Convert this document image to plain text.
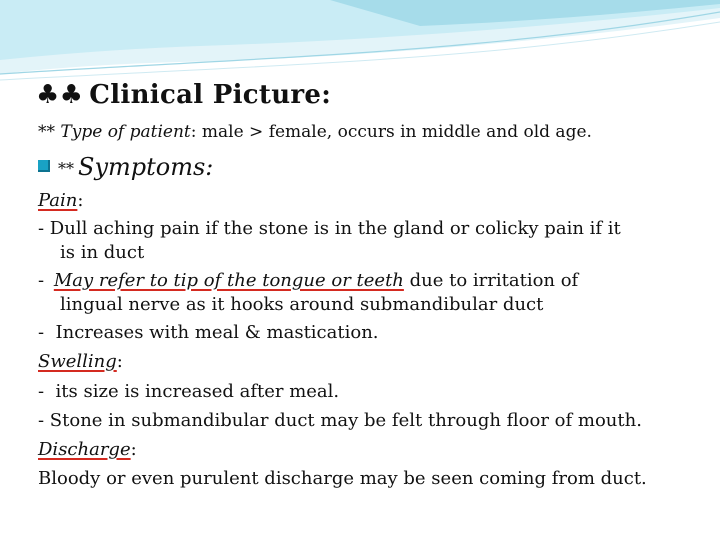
♣♣ Clinical Picture:
** Type of patient: male > female, occurs in middle and old age.
** Symptoms:
Pain:
- Dull aching pain if the stone is in the gland or colicky pain if it
is in duct
- May refer to tip of the tongue or teeth due to irritation of
lingual nerve as it hooks around submandibular duct
-  Increases with meal & mastication.
Swelling:
-  its size is increased after meal.
- Stone in submandibular duct may be felt through floor of mouth.
Discharge:
Bloody or even purulent discharge may be seen coming from duct.
